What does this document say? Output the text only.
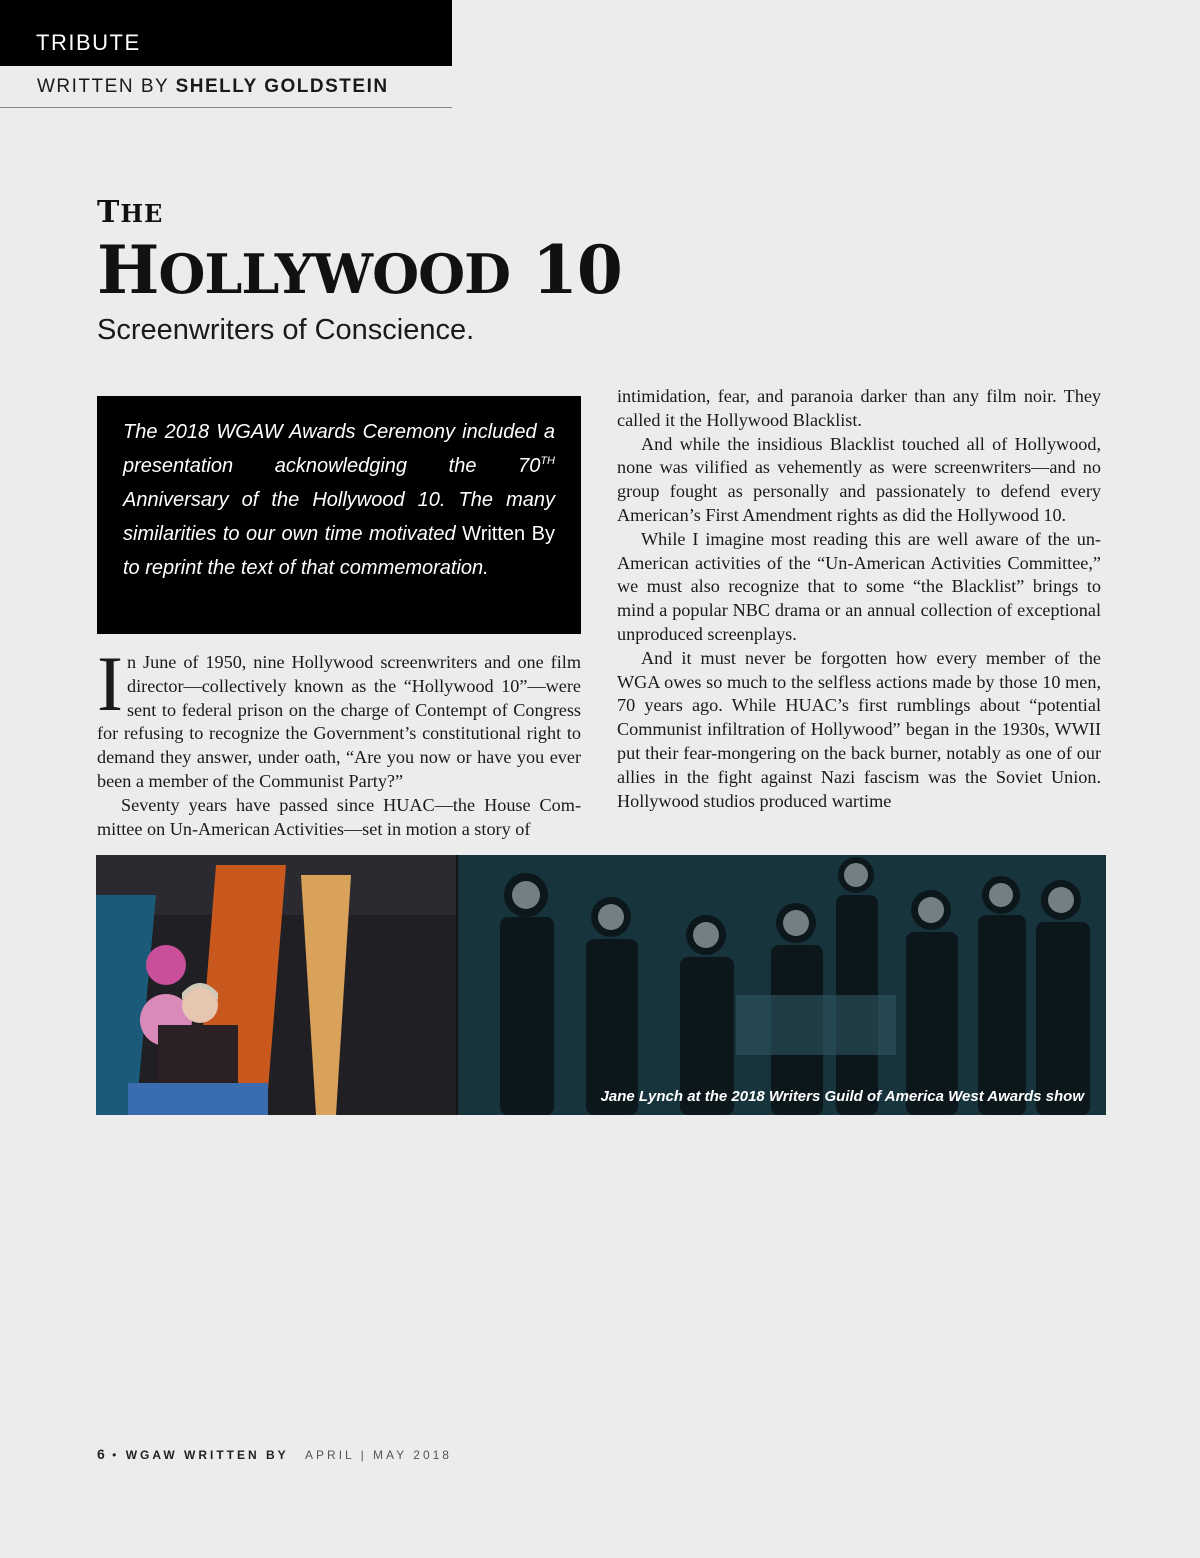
TRIBUTE
WRITTEN BY SHELLY GOLDSTEIN
THE
HOLLYWOOD 10
Screenwriters of Conscience.
The 2018 WGAW Awards Ceremony included a presentation acknowledging the 70TH Anniversary of the Hollywood 10. The many similarities to our own time motivated Written By to reprint the text of that commemoration.

In June of 1950, nine Hollywood screenwriters and one film director—collectively known as the “Hollywood 10”—were sent to federal prison on the charge of Contempt of Congress for refusing to recognize the Government’s constitutional right to demand they answer, under oath, “Are you now or have you ever been a member of the Communist Party?”

Seventy years have passed since HUAC—the House Committee on Un-American Activities—set in motion a story of

intimidation, fear, and paranoia darker than any film noir. They called it the Hollywood Blacklist.

And while the insidious Blacklist touched all of Hollywood, none was vilified as vehemently as were screenwriters—and no group fought as personally and passionately to defend every American’s First Amendment rights as did the Hollywood 10.

While I imagine most reading this are well aware of the un-American activities of the “Un-American Activities Committee,” we must also recognize that to some “the Blacklist” brings to mind a popular NBC drama or an annual collection of exceptional unproduced screenplays.

And it must never be forgotten how every member of the WGA owes so much to the selfless actions made by those 10 men, 70 years ago. While HUAC’s first rumblings about “potential Communist infiltration of Hollywood” began in the 1930s, WWII put their fear-mongering on the back burner, notably as one of our allies in the fight against Nazi fascism was the Soviet Union. Hollywood studios produced wartime

Jane Lynch at the 2018 Writers Guild of America West Awards show
6 • WGAW WRITTEN BY APRIL | MAY 2018
